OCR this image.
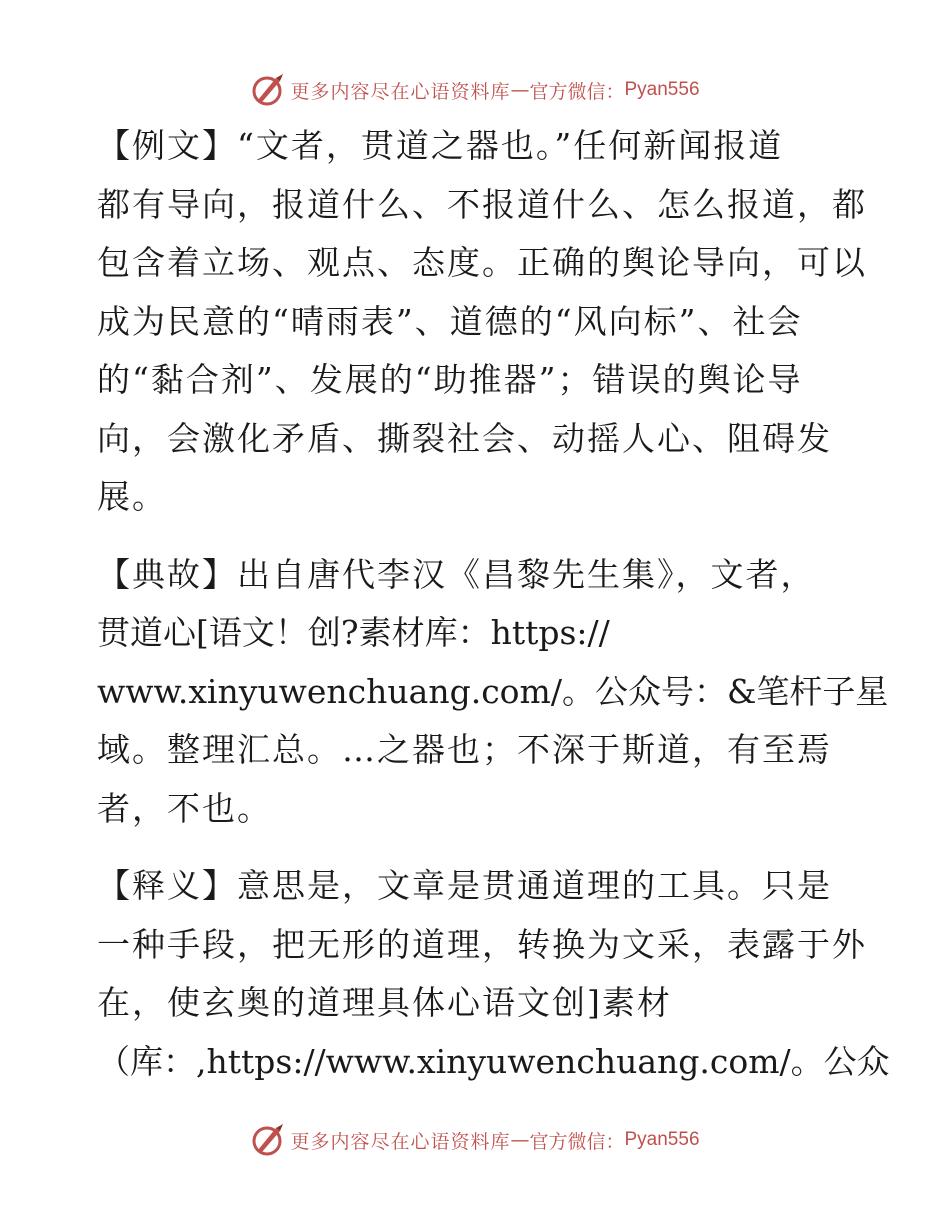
更多内容尽在心语资料库 — 官方微信： Pyan556
【例文】“文者，贯道之器也。”任何新闻报道
都有导向，报道什么、不报道什么、怎么报道，都
包含着立场、观点、态度。正确的舆论导向，可以
成为民意的“晴雨表”、道德的“风向标”、社会
的“黏合剂”、发展的“助推器”；错误的舆论导
向，会激化矛盾、撕裂社会、动摇人心、阻碍发
展。
【典故】出自唐代李汉《昌黎先生集》，文者，
贯道心[语文！创?素材库：https://
www.xinyuwenchuang.com/。公众号：&笔杆子星
域。整理汇总。…之器也；不深于斯道，有至焉
者，不也。
【释义】意思是，文章是贯通道理的工具。只是
一种手段，把无形的道理，转换为文采，表露于外
在，使玄奥的道理具体心语文创]素材
（库：,https://www.xinyuwenchuang.com/。公众
更多内容尽在心语资料库 — 官方微信： Pyan556
